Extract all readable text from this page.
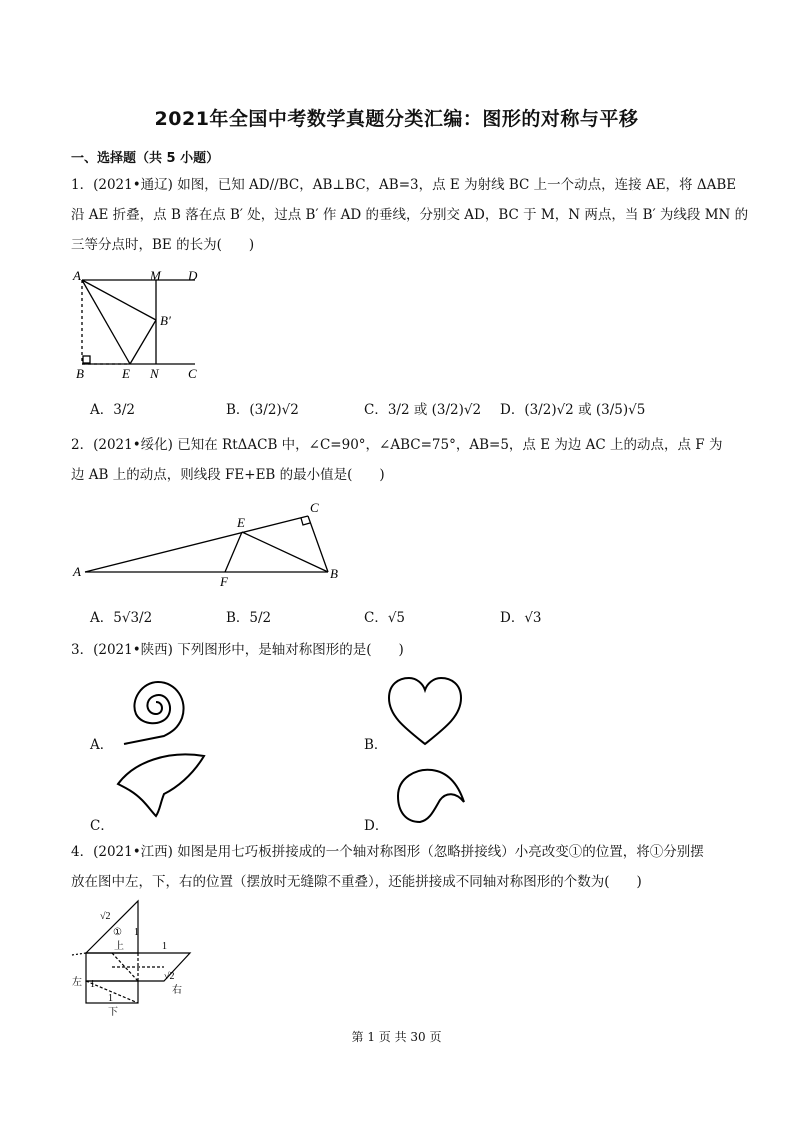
2021年全国中考数学真题分类汇编：图形的对称与平移
一、选择题（共 5 小题）
1．(2021•通辽) 如图，已知 AD//BC，AB⊥BC，AB=3，点 E 为射线 BC 上一个动点，连接 AE，将 ΔABE
沿 AE 折叠，点 B 落在点 B′ 处，过点 B′ 作 AD 的垂线，分别交 AD，BC 于 M，N 两点，当 B′ 为线段 MN 的
三等分点时，BE 的长为(　　)
A	M D
B′
B	E N C
A．3/2	B．(3/2)√2	C．3/2 或 (3/2)√2 D．(3/2)√2 或 (3/5)√5
2．(2021•绥化) 已知在 RtΔACB 中，∠C=90°，∠ABC=75°，AB=5，点 E 为边 AC 上的动点，点 F 为
边 AB 上的动点，则线段 FE+EB 的最小值是(　　)
A
E
C
F
B
A．5√3/2	B．5/2	C．√5	D．√3
3．(2021•陕西) 下列图形中，是轴对称图形的是(　　)
A．	B．
C．	D．
4．(2021•江西) 如图是用七巧板拼接成的一个轴对称图形（忽略拼接线）小亮改变①的位置，将①分别摆
放在图中左，下，右的位置（摆放时无缝隙不重叠），还能拼接成不同轴对称图形的个数为(　　)
√2
① 1
上	1
左 1
√2
右
1
下
第 1 页 共 30 页
